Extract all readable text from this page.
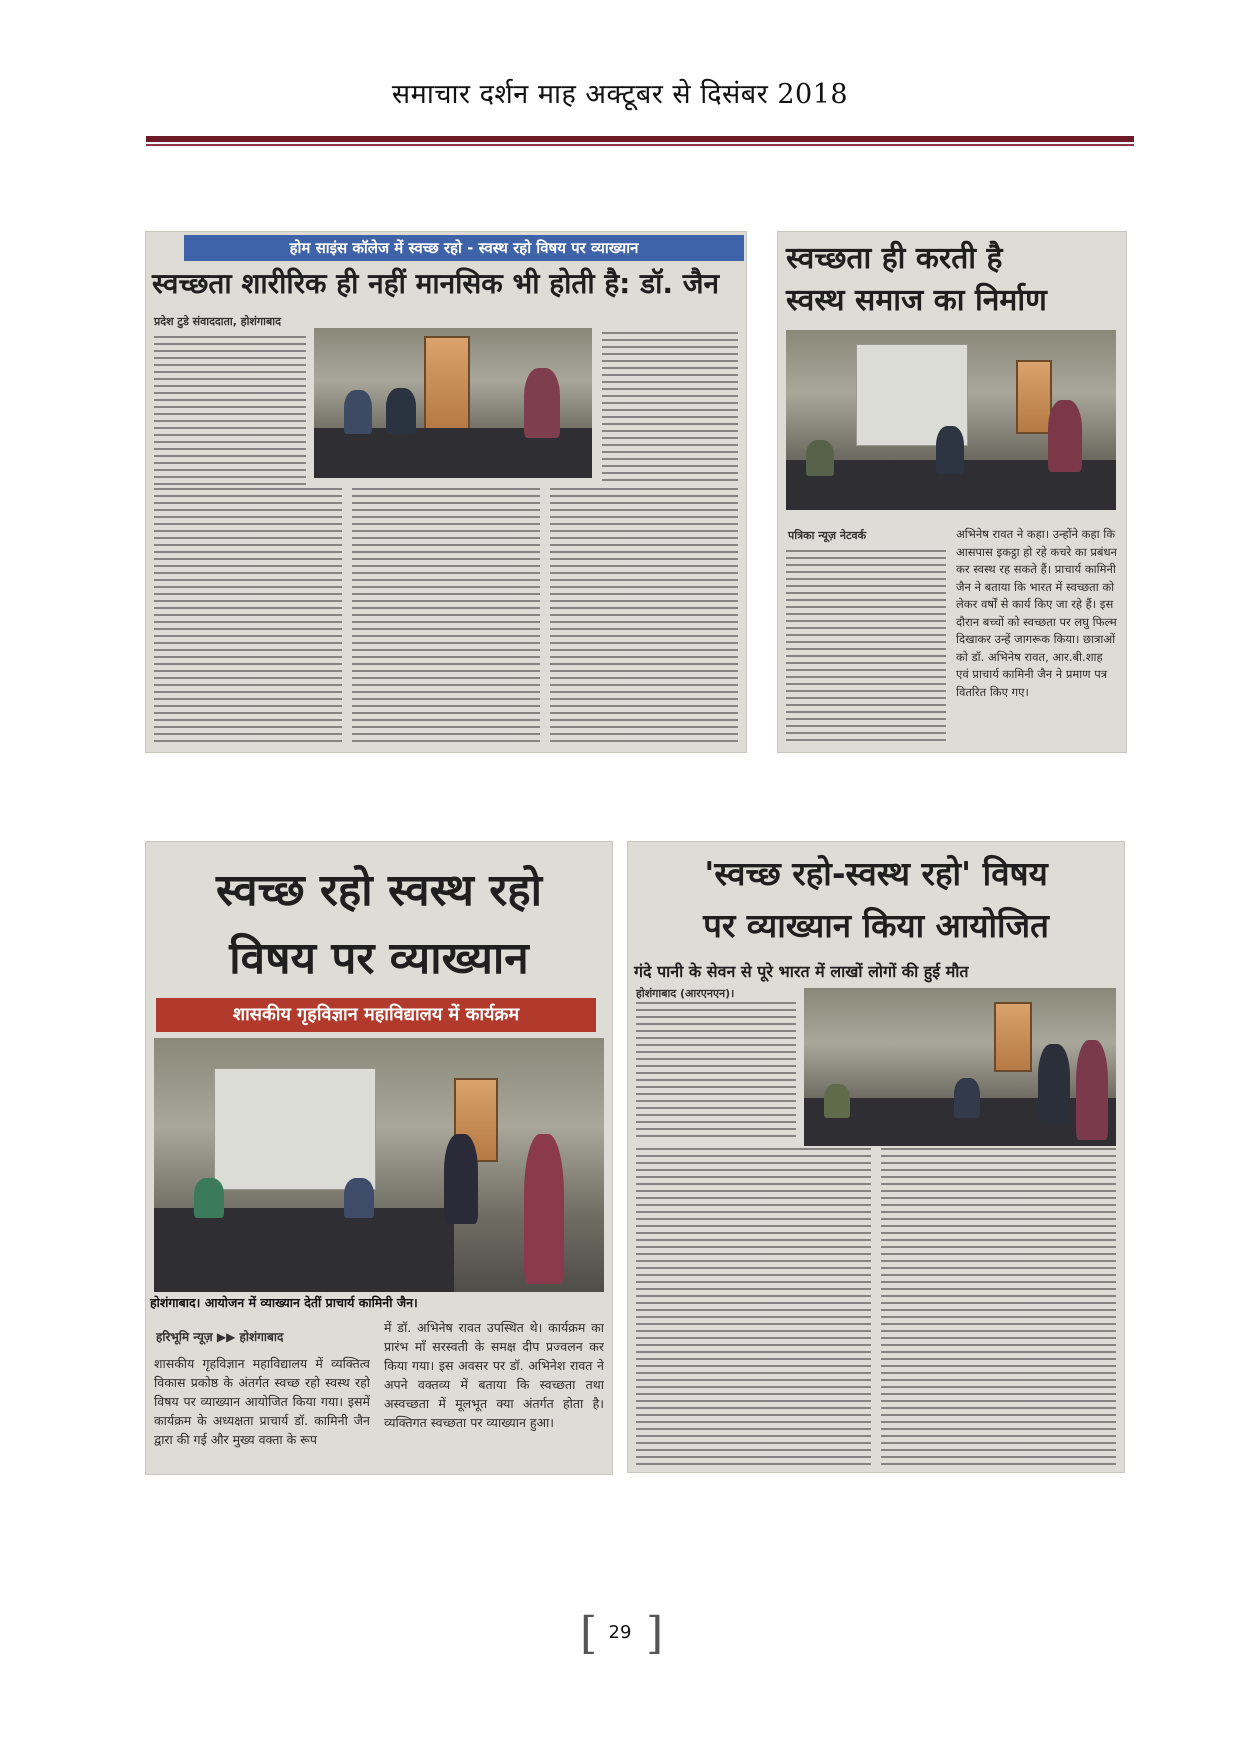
समाचार दर्शन माह अक्टूबर से दिसंबर 2018
होम साइंस कॉलेज में स्वच्छ रहो - स्वस्थ रहो विषय पर व्याख्यान
स्वच्छता शारीरिक ही नहीं मानसिक भी होती है: डॉ. जैन
प्रदेश टुडे संवाददाता, होशंगाबाद
स्वच्छता ही करती है
स्वस्थ समाज का निर्माण
पत्रिका न्यूज़ नेटवर्क	अभिनेष रावत ने कहा। उन्होंने कहा कि आसपास इकट्ठा हो रहे कचरे का प्रबंधन कर स्वस्थ रह सकते हैं। प्राचार्य कामिनी जैन ने बताया कि भारत में स्वच्छता को लेकर वर्षों से कार्य किए जा रहे हैं। इस दौरान बच्चों को स्वच्छता पर लघु फिल्म दिखाकर उन्हें जागरूक किया। छात्राओं को डॉ. अभिनेष रावत, आर.बी.शाह एवं प्राचार्य कामिनी जैन ने प्रमाण पत्र वितरित किए गए।
स्वच्छ रहो स्वस्थ रहो
विषय पर व्याख्यान
शासकीय गृहविज्ञान महाविद्यालय में कार्यक्रम
होशंगाबाद। आयोजन में व्याख्यान देतीं प्राचार्य कामिनी जैन।
हरिभूमि न्यूज़ ▶▶ होशंगाबाद
शासकीय गृहविज्ञान महाविद्यालय में व्यक्तित्व विकास प्रकोष्ठ के अंतर्गत स्वच्छ रहो स्वस्थ रहो विषय पर व्याख्यान आयोजित किया गया। इसमें कार्यक्रम के अध्यक्षता प्राचार्य डॉ. कामिनी जैन द्वारा की गई और मुख्य वक्ता के रूप
में डॉ. अभिनेष रावत उपस्थित थे। कार्यक्रम का प्रारंभ माँ सरस्वती के समक्ष दीप प्रज्वलन कर किया गया। इस अवसर पर डॉ. अभिनेश रावत ने अपने वक्तव्य में बताया कि स्वच्छता तथा अस्वच्छता में मूलभूत क्या अंतर्गत होता है। व्यक्तिगत स्वच्छता पर व्याख्यान हुआ।
'स्वच्छ रहो-स्वस्थ रहो' विषय
पर व्याख्यान किया आयोजित
गंदे पानी के सेवन से पूरे भारत में लाखों लोगों की हुई मौत
होशंगाबाद (आरएनएन)।
[ 29 ]
